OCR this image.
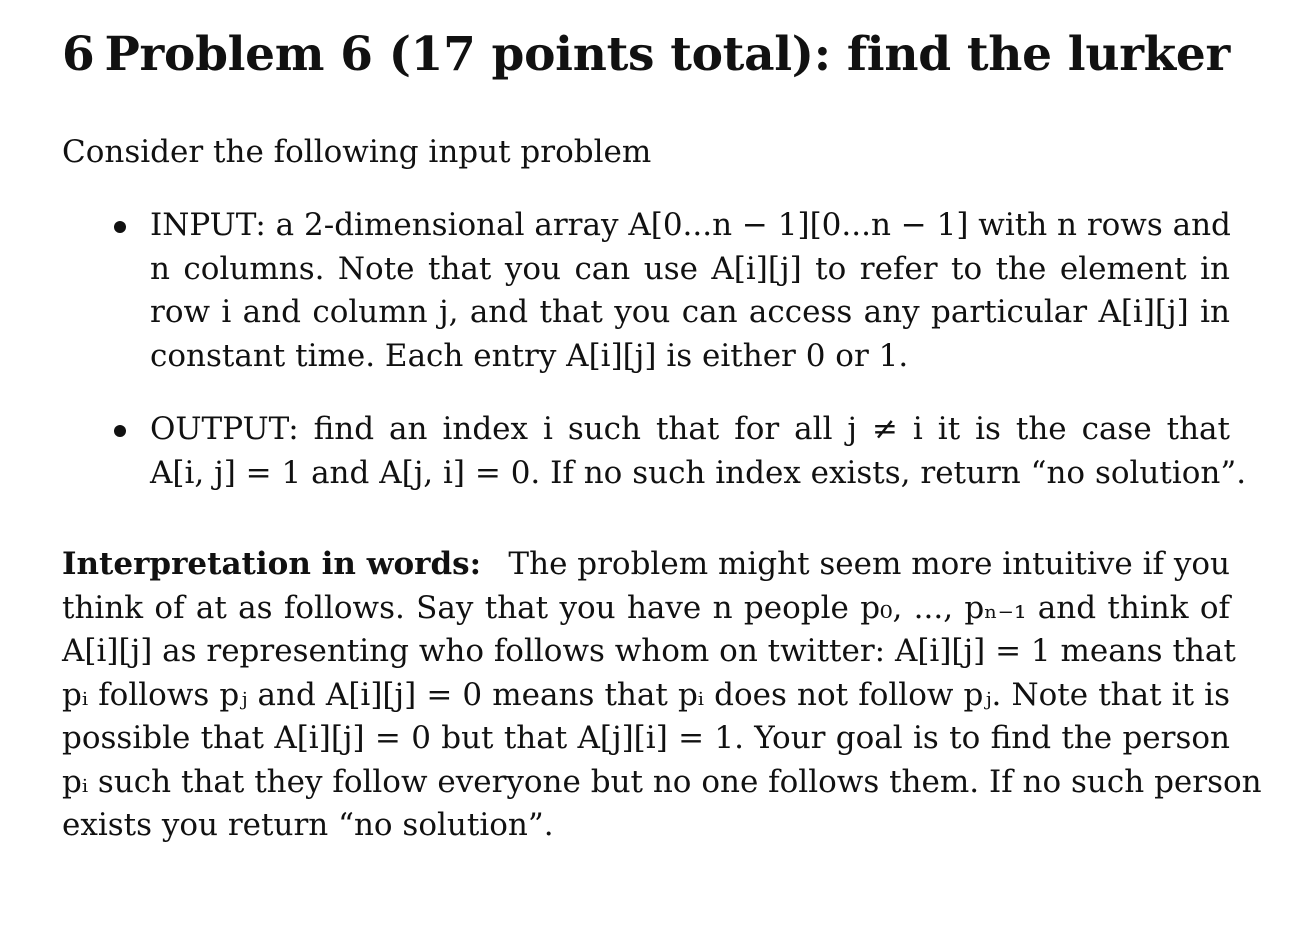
6 Problem 6 (17 points total): find the lurker

Consider the following input problem

INPUT: a 2-dimensional array A[0...n − 1][0...n − 1] with n rows and
n columns. Note that you can use A[i][j] to refer to the element in
row i and column j, and that you can access any particular A[i][j] in
constant time. Each entry A[i][j] is either 0 or 1.
OUTPUT: find an index i such that for all j ≠ i it is the case that
A[i, j] = 1 and A[j, i] = 0. If no such index exists, return “no solution”.
Interpretation in words: The problem might seem more intuitive if you
think of at as follows. Say that you have n people p₀, ..., pₙ₋₁ and think of
A[i][j] as representing who follows whom on twitter: A[i][j] = 1 means that
pᵢ follows pⱼ and A[i][j] = 0 means that pᵢ does not follow pⱼ. Note that it is
possible that A[i][j] = 0 but that A[j][i] = 1. Your goal is to find the person
pᵢ such that they follow everyone but no one follows them. If no such person
exists you return “no solution”.
